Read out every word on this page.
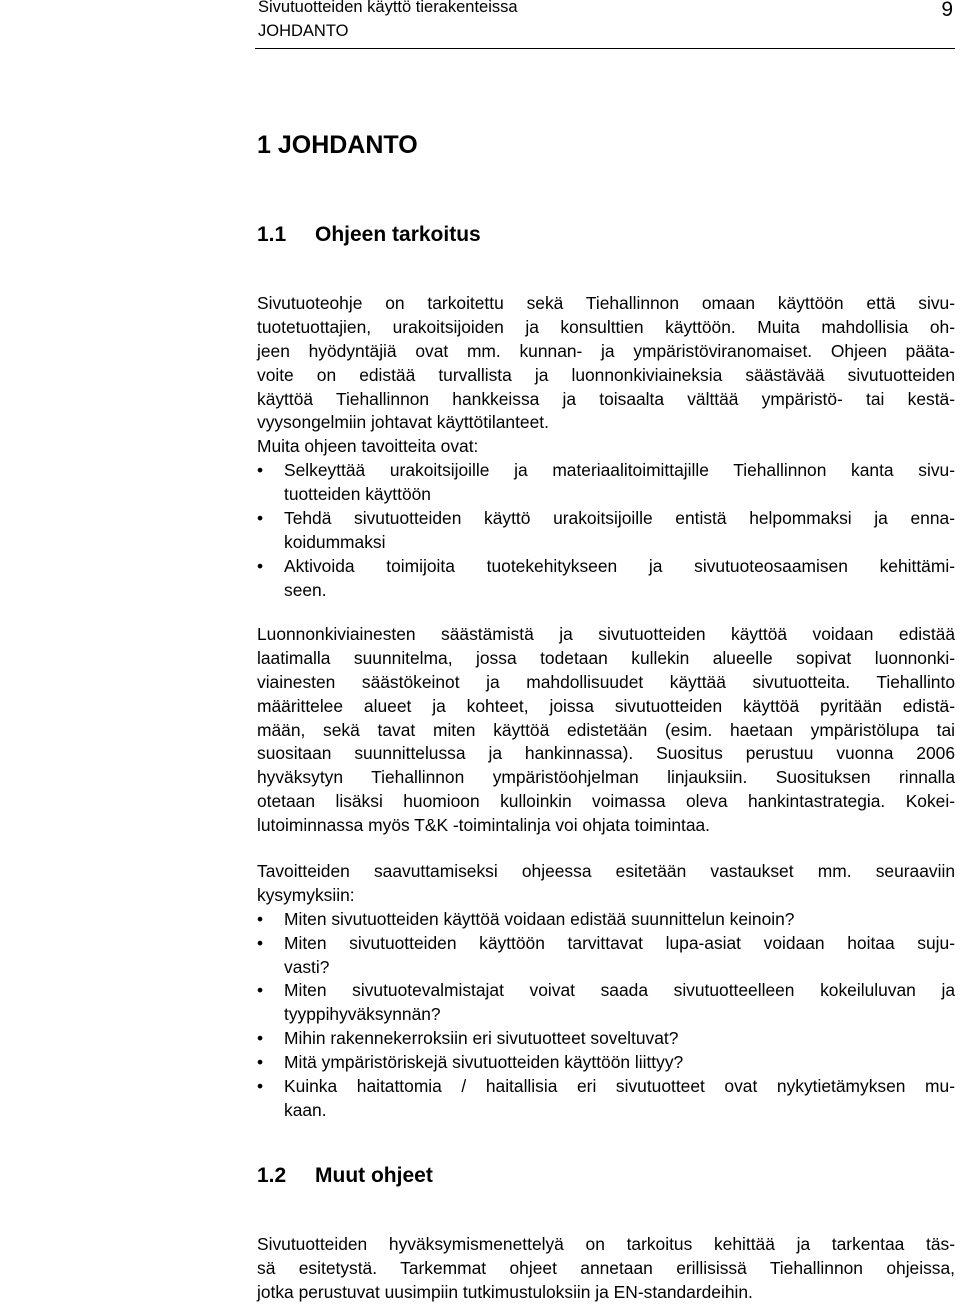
Sivutuotteiden käyttö tierakenteissa
JOHDANTO
9
1 JOHDANTO
1.1 Ohjeen tarkoitus
Sivutuoteohje on tarkoitettu sekä Tiehallinnon omaan käyttöön että sivu-
tuotetuottajien, urakoitsijoiden ja konsulttien käyttöön. Muita mahdollisia oh-
jeen hyödyntäjiä ovat mm. kunnan- ja ympäristöviranomaiset. Ohjeen pääta-
voite on edistää turvallista ja luonnonkiviaineksia säästävää sivutuotteiden
käyttöä Tiehallinnon hankkeissa ja toisaalta välttää ympäristö- tai kestä-
vyysongelmiin johtavat käyttötilanteet.
Muita ohjeen tavoitteita ovat:
•	Selkeyttää urakoitsijoille ja materiaalitoimittajille Tiehallinnon kanta sivu-
tuotteiden käyttöön
•	Tehdä sivutuotteiden käyttö urakoitsijoille entistä helpommaksi ja enna-
koidummaksi
•	Aktivoida toimijoita tuotekehitykseen ja sivutuoteosaamisen kehittämi-
seen.
Luonnonkiviainesten säästämistä ja sivutuotteiden käyttöä voidaan edistää
laatimalla suunnitelma, jossa todetaan kullekin alueelle sopivat luonnonki-
viainesten säästökeinot ja mahdollisuudet käyttää sivutuotteita. Tiehallinto
määrittelee alueet ja kohteet, joissa sivutuotteiden käyttöä pyritään edistä-
mään, sekä tavat miten käyttöä edistetään (esim. haetaan ympäristölupa tai
suositaan suunnittelussa ja hankinnassa). Suositus perustuu vuonna 2006
hyväksytyn Tiehallinnon ympäristöohjelman linjauksiin. Suosituksen rinnalla
otetaan lisäksi huomioon kulloinkin voimassa oleva hankintastrategia. Kokei-
lutoiminnassa myös T&K -toimintalinja voi ohjata toimintaa.
Tavoitteiden saavuttamiseksi ohjeessa esitetään vastaukset mm. seuraaviin
kysymyksiin:
•	Miten sivutuotteiden käyttöä voidaan edistää suunnittelun keinoin?
•	Miten sivutuotteiden käyttöön tarvittavat lupa-asiat voidaan hoitaa suju-
vasti?
•	Miten sivutuotevalmistajat voivat saada sivutuotteelleen kokeiluluvan ja
tyyppihyväksynnän?
•	Mihin rakennekerroksiin eri sivutuotteet soveltuvat?
•	Mitä ympäristöriskejä sivutuotteiden käyttöön liittyy?
•	Kuinka haitattomia / haitallisia eri sivutuotteet ovat nykytietämyksen mu-
kaan.
1.2 Muut ohjeet
Sivutuotteiden hyväksymismenettelyä on tarkoitus kehittää ja tarkentaa täs-
sä esitetystä. Tarkemmat ohjeet annetaan erillisissä Tiehallinnon ohjeissa,
jotka perustuvat uusimpiin tutkimustuloksiin ja EN-standardeihin.
